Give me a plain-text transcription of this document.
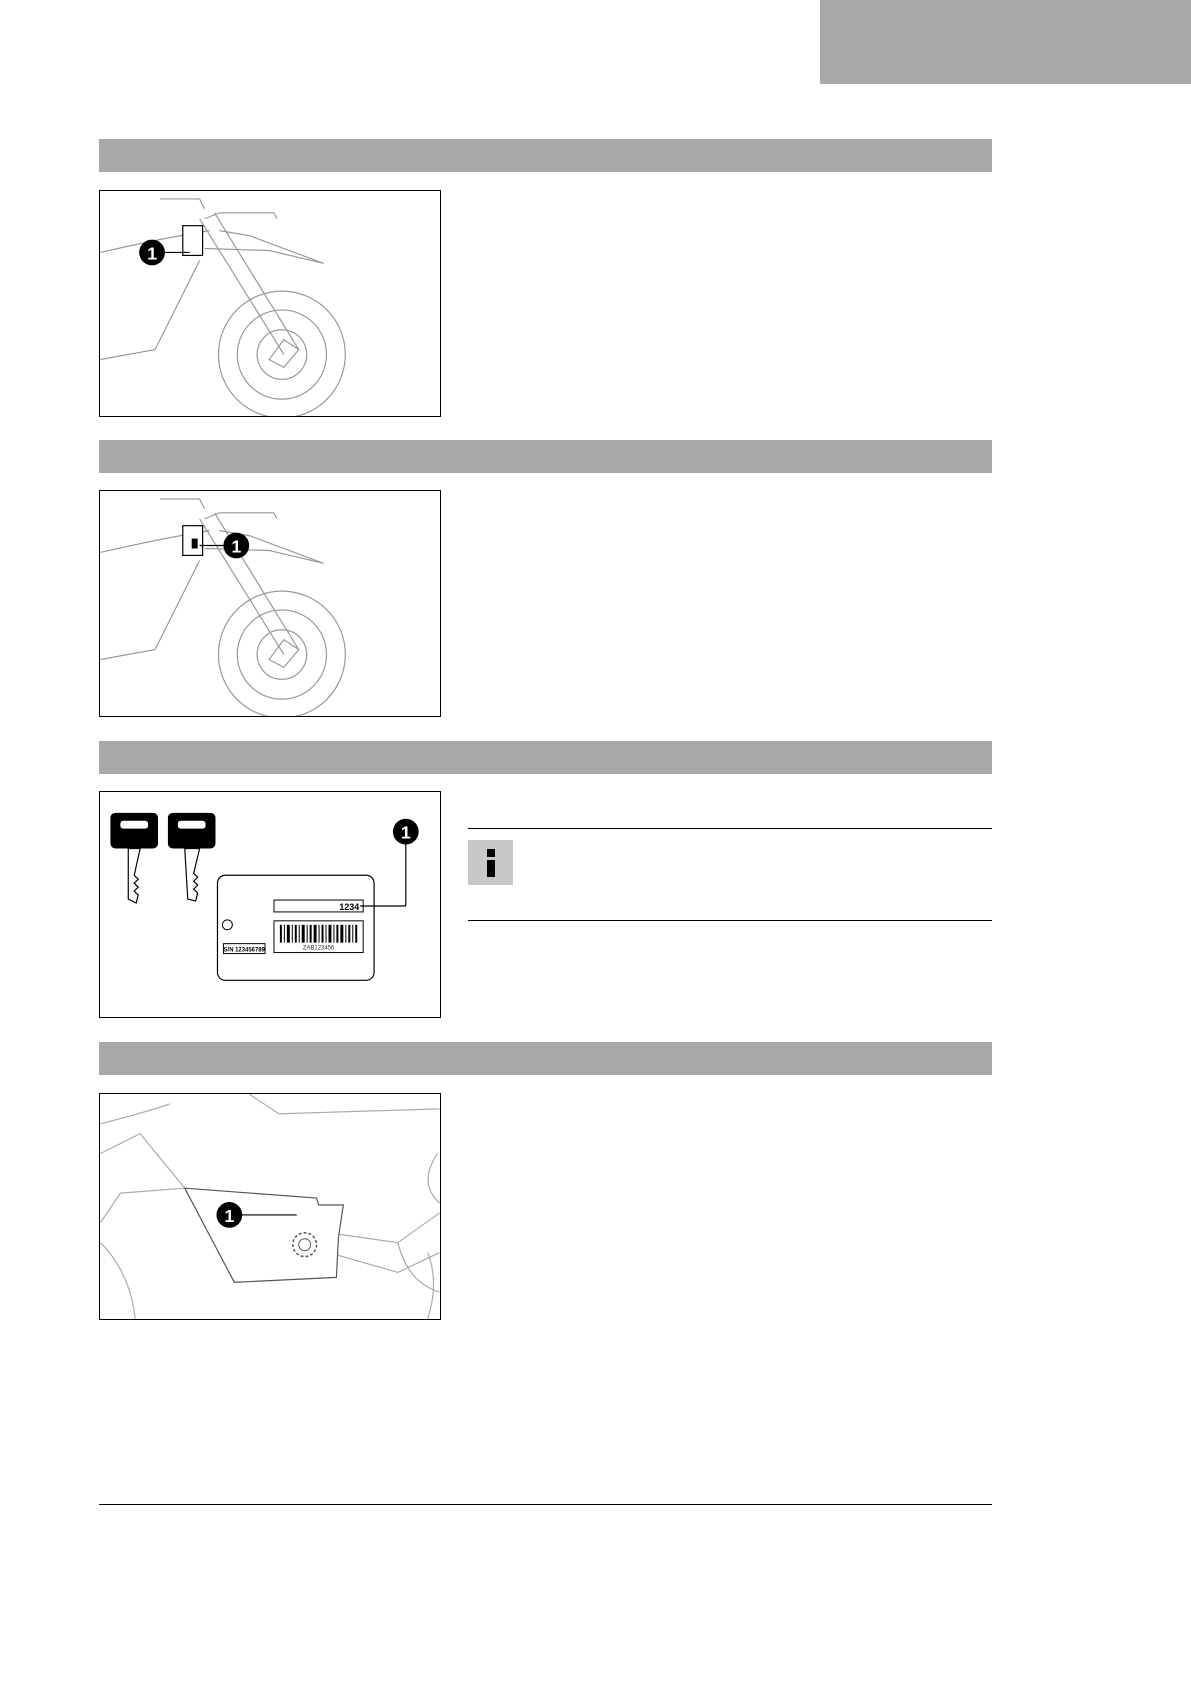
1
1
1234
1
S/N 123456789	ZAB123456
1
